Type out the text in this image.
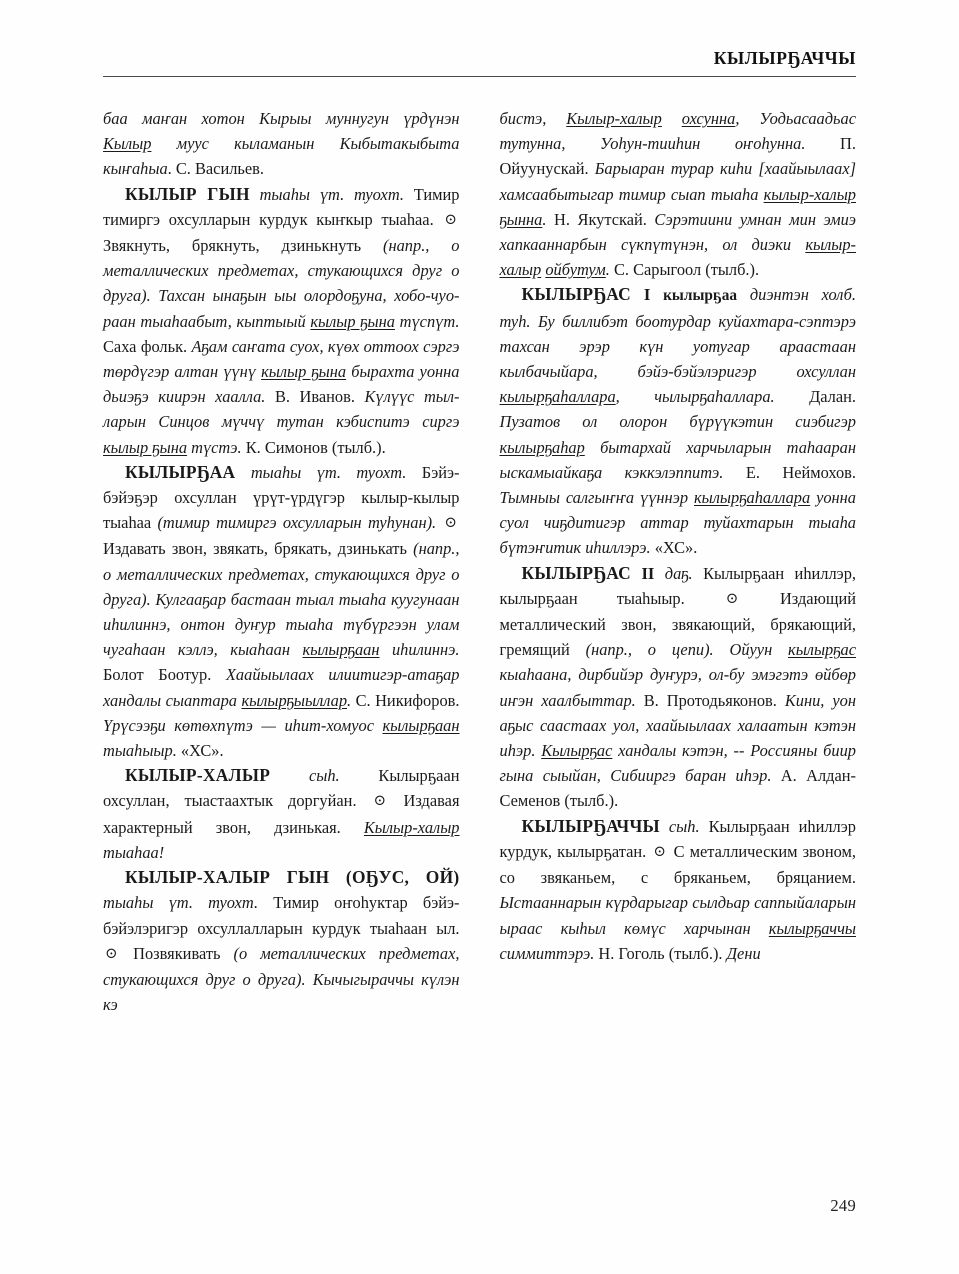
КЫЛЫРҔАЧЧЫ

баа маҥан хотон Кырыы муннугун үрдүнэн Кылыр муус кыламанын Кыбытакыбыта кыҥаһыа. С. Васильев.

КЫЛЫР ГЫН тыаһы үт. туохт. Тимир тимиргэ охсулларын курдук кыҥкыр тыаһаа. ⊙ Звякнуть, брякнуть, дзинькнуть (напр., о металлических предметах, стукающихся друг о друга). Тахсан ынаҕын ыы олордоҕуна, хобо-чуораан тыаһаабыт, кыптыый кылыр ҕына түспүт. Саха фольк. Аҕам саҥата суох, күөх оттоох сэргэ төрдүгэр алтан үүнү кылыр ҕына бырахта уонна дьиэҕэ киирэн хаалла. В. Иванов. Күлүүс тылларын Синцов мүччү тутан кэбиспитэ сиргэ кылыр ҕына түстэ. К. Симонов (тылб.).

КЫЛЫРҔАА тыаһы үт. туохт. Бэйэ-бэйэҕэр охсуллан үрүт-үрдүгэр кылыр-кылыр тыаһаа (тимир тимиргэ охсулларын туһунан). ⊙ Издавать звон, звякать, брякать, дзинькать (напр., о металлических предметах, стукающихся друг о друга). Кулгааҕар бастаан тыал тыаһа куугунаан иһилиннэ, онтон дуҥур тыаһа түбүргээн улам чугаһаан кэллэ, кыаһаан кылырҕаан иһилиннэ. Болот Боотур. Хаайыылаах илиитигэр-атаҕар хандалы сыаптара кылырҕыыллар. С. Никифоров. Үрүсээҕи көтөхпүтэ — иһит-хомуос кылырҕаан тыаһыыр. «ХС».

КЫЛЫР-ХАЛЫР сыһ. Кылырҕаан охсуллан, тыастаахтык доргуйан. ⊙ Издавая характерный звон, дзинькая. Кылыр-халыр тыаһаа!

КЫЛЫР-ХАЛЫР ГЫН (ОҔУС, ОЙ) тыаһы үт. туохт. Тимир оҥоһуктар бэйэ-бэйэлэригэр охсуллалларын курдук тыаһаан ыл. ⊙ Позвякивать (о металлических предметах, стукающихся друг о друга). Кычыгыраччы күлэн кэ

бистэ, Кылыр-халыр охсунна, Уодьасаадьас тутунна, Уоһун-тииһин оҥоһунна. П. Ойуунускай. Барыаран турар киһи [хаайыылаах] хамсаабытыгар тимир сыап тыаһа кылыр-халыр ҕынна. Н. Якутскай. Сэрэтиини умнан мин эмиэ хапкааннарбын сүкпүтүнэн, ол диэки кылыр-халыр ойбутум. С. Сарыгоол (тылб.).

КЫЛЫРҔАС I кылырҕаа диэнтэн холб. туһ. Бу биллибэт боотурдар куйахтара-сэптэрэ тахсан эрэр күн уотугар араастаан кылбачыйара, бэйэ-бэйэлэригэр охсуллан кылырҕаһаллара, чылырҕаһаллара. Далан. Пузатов ол олорон бүрүүкэтин сиэбигэр кылырҕаһар бытархай харчыларын таһааран ыскамыайкаҕа кэккэлэппитэ. Е. Неймохов. Тымныы салгыҥҥа үүннэр кылырҕаһаллара уонна суол чиҕдитигэр аттар туйахтарын тыаһа бүтэҥитик иһиллэрэ. «ХС».

КЫЛЫРҔАС II даҕ. Кылырҕаан иһиллэр, кылырҕаан тыаһыыр.	⊙	Издающий металлический звон, звякающий, брякающий, гремящий (напр., о цепи). Ойуун кылырҕас кыаһаана, дирбийэр дуҥурэ, ол-бу эмэгэтэ өйбөр иҥэн хаалбыттар. В. Протодьяконов. Кини, уон аҕыс саастаах уол, хаайыылаах халаатын кэтэн иһэр. Кылырҕас хандалы кэтэн, -- Россияны биир гына сыыйан, Сибииргэ баран иһэр. А. Алдан-Семенов (тылб.).

КЫЛЫРҔАЧЧЫ сыһ. Кылырҕаан иһиллэр курдук, кылырҕатан. ⊙ С металлическим звоном, со звяканьем, с бряканьем, бряцанием. Ыстааннарын күрдарыгар сылдьар саппыйаларын ыраас кыһыл көмүс харчынан кылырҕаччы симмиттэрэ. Н. Гоголь (тылб.). Дени

249
